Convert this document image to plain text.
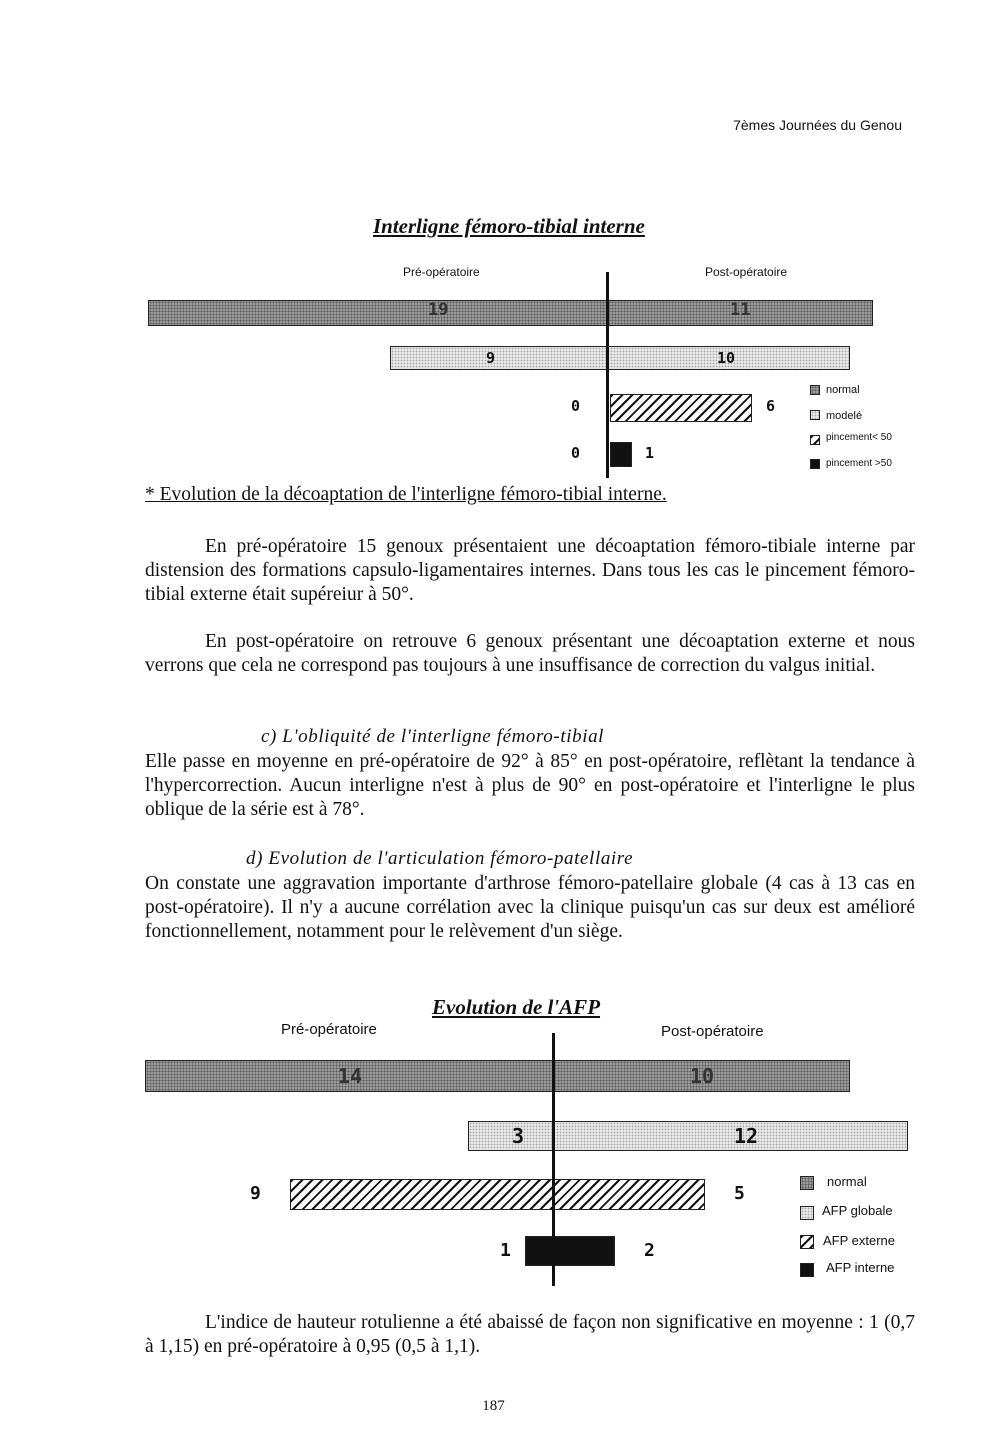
7èmes Journées du Genou
Interligne fémoro-tibial interne
Pré-opératoire	Post-opératoire
19	11
9	10
0	6
0	1
normal
modelé
pincement< 50
pincement >50
* Evolution de la décoaptation de l'interligne fémoro-tibial interne.
En pré-opératoire 15 genoux présentaient une décoaptation fémoro-tibiale interne par distension des formations capsulo-ligamentaires internes. Dans tous les cas le pincement fémoro-tibial externe était supéreiur à 50°.
En post-opératoire on retrouve 6 genoux présentant une décoaptation externe et nous verrons que cela ne correspond pas toujours à une insuffisance de correction du valgus initial.
c) L'obliquité de l'interligne fémoro-tibial
Elle passe en moyenne en pré-opératoire de 92° à 85° en post-opératoire, reflètant la tendance à l'hypercorrection. Aucun interligne n'est à plus de 90° en post-opératoire et l'interligne le plus oblique de la série est à 78°.
d) Evolution de l'articulation fémoro-patellaire
On constate une aggravation importante d'arthrose fémoro-patellaire globale (4 cas à 13 cas en post-opératoire). Il n'y a aucune corrélation avec la clinique puisqu'un cas sur deux est amélioré fonctionnellement, notamment pour le relèvement d'un siège.
Evolution de l'AFP
Pré-opératoire	Post-opératoire
14	10
3	12
9	5
1	2
normal
AFP globale
AFP externe
AFP interne
L'indice de hauteur rotulienne a été abaissé de façon non significative en moyenne : 1 (0,7 à 1,15) en pré-opératoire à 0,95 (0,5 à 1,1).
187
